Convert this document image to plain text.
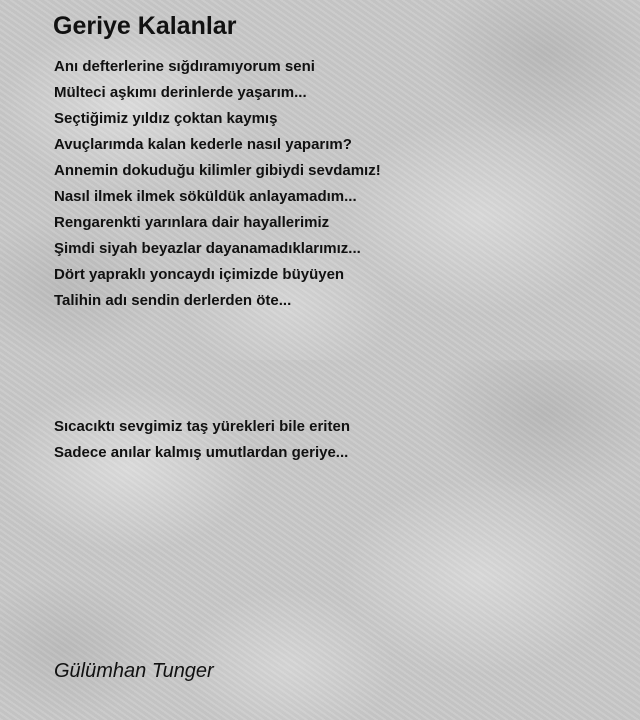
Geriye Kalanlar
Anı defterlerine sığdıramıyorum seni
Mülteci aşkımı derinlerde yaşarım...
Seçtiğimiz yıldız çoktan kaymış
Avuçlarımda kalan kederle nasıl yaparım?
Annemin dokuduğu kilimler gibiydi sevdamız!
Nasıl ilmek ilmek söküldük anlayamadım...
Rengarenkti yarınlara dair hayallerimiz
Şimdi siyah beyazlar dayanamadıklarımız...
Dört yapraklı yoncaydı içimizde büyüyen
Talihin adı sendin derlerden öte...
Sıcacıktı sevgimiz taş yürekleri bile eriten
Sadece anılar kalmış umutlardan geriye...
Gülümhan Tunger
